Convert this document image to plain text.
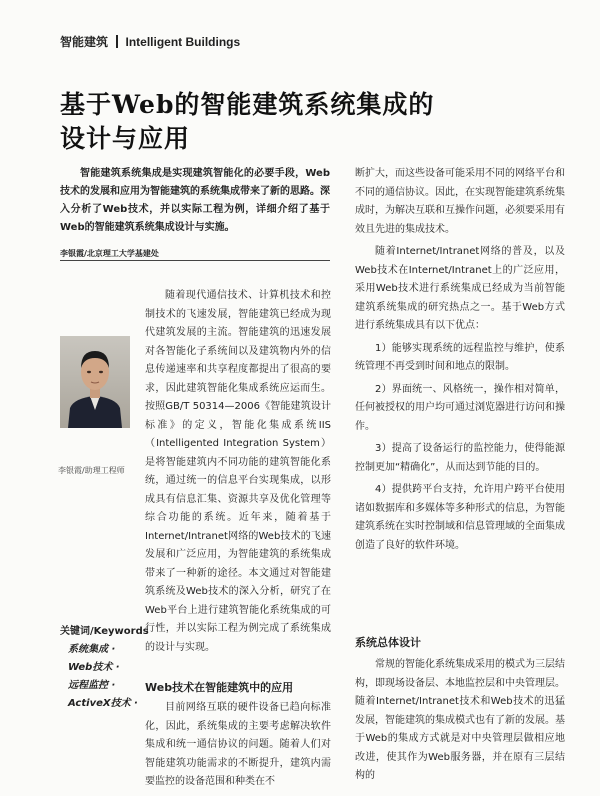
智能建筑 Intelligent Buildings
基于Web的智能建筑系统集成的
设计与应用
智能建筑系统集成是实现建筑智能化的必要手段，Web技术的发展和应用为智能建筑的系统集成带来了新的思路。深入分析了Web技术，并以实际工程为例，详细介绍了基于Web的智能建筑系统集成设计与实施。
李银霞/北京理工大学基建处
李银霞/助理工程师
关键词/Keywords
系统集成 ·
Web技术 ·
远程监控 ·
ActiveX技术 ·

随着现代通信技术、计算机技术和控制技术的飞速发展，智能建筑已经成为现代建筑发展的主流。智能建筑的迅速发展对各智能化子系统间以及建筑物内外的信息传递速率和共享程度都提出了很高的要求，因此建筑智能化集成系统应运而生。按照GB/T 50314—2006《智能建筑设计标准》的定义，智能化集成系统IIS（Intelligented Integration System）是将智能建筑内不同功能的建筑智能化系统，通过统一的信息平台实现集成，以形成具有信息汇集、资源共享及优化管理等综合功能的系统。近年来，随着基于Internet/Intranet网络的Web技术的飞速发展和广泛应用，为智能建筑的系统集成带来了一种新的途径。本文通过对智能建筑系统及Web技术的深入分析，研究了在Web平台上进行建筑智能化系统集成的可行性，并以实际工程为例完成了系统集成的设计与实现。

Web技术在智能建筑中的应用

目前网络互联的硬件设备已趋向标准化，因此，系统集成的主要考虑解决软件集成和统一通信协议的问题。随着人们对智能建筑功能需求的不断提升，建筑内需要监控的设备范围和种类在不

断扩大，而这些设备可能采用不同的网络平台和不同的通信协议。因此，在实现智能建筑系统集成时，为解决互联和互操作问题，必须要采用有效且先进的集成技术。

随着Internet/Intranet网络的普及，以及Web技术在Internet/Intranet上的广泛应用，采用Web技术进行系统集成已经成为当前智能建筑系统集成的研究热点之一。基于Web方式进行系统集成具有以下优点：

1）能够实现系统的远程监控与维护，使系统管理不再受到时间和地点的限制。

2）界面统一、风格统一，操作相对简单，任何被授权的用户均可通过浏览器进行访问和操作。

3）提高了设备运行的监控能力，使得能源控制更加“精确化”，从而达到节能的目的。

4）提供跨平台支持，允许用户跨平台使用诸如数据库和多媒体等多种形式的信息，为智能建筑系统在实时控制域和信息管理域的全面集成创造了良好的软件环境。

系统总体设计

常规的智能化系统集成采用的模式为三层结构，即现场设备层、本地监控层和中央管理层。随着Internet/Intranet技术和Web技术的迅猛发展，智能建筑的集成模式也有了新的发展。基于Web的集成方式就是对中央管理层做相应地改进，使其作为Web服务器，并在原有三层结构的
